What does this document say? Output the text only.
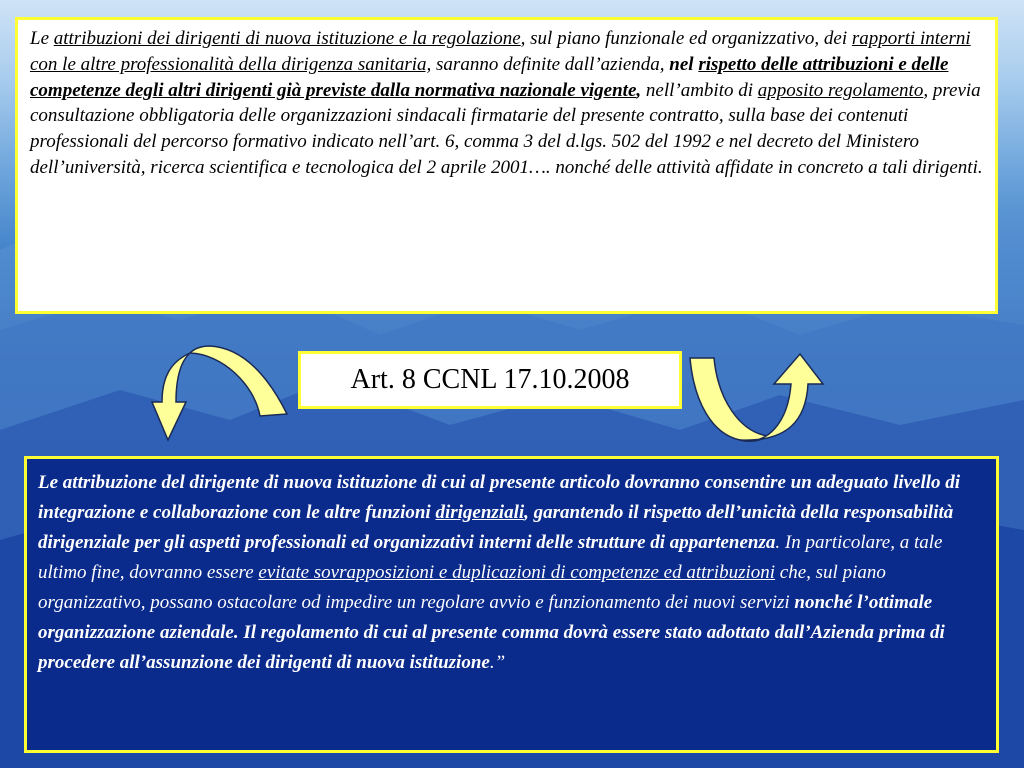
Le attribuzioni dei dirigenti di nuova istituzione e la regolazione, sul piano funzionale ed organizzativo, dei rapporti interni con le altre professionalità della dirigenza sanitaria, saranno definite dall’azienda, nel rispetto delle attribuzioni e delle competenze degli altri dirigenti già previste dalla normativa nazionale vigente, nell’ambito di apposito regolamento, previa consultazione obbligatoria delle organizzazioni sindacali firmatarie del presente contratto, sulla base dei contenuti professionali del percorso formativo indicato nell’art. 6, comma 3 del d.lgs. 502 del 1992 e nel decreto del Ministero dell’università, ricerca scientifica e tecnologica del 2 aprile 2001…. nonché delle attività affidate in concreto a tali dirigenti.
Art. 8 CCNL 17.10.2008
Le attribuzione del dirigente di nuova istituzione di cui al presente articolo dovranno consentire un adeguato livello di integrazione e collaborazione con le altre funzioni dirigenziali, garantendo il rispetto dell’unicità della responsabilità dirigenziale per gli aspetti professionali ed organizzativi interni delle strutture di appartenenza. In particolare, a tale ultimo fine, dovranno essere evitate sovrapposizioni e duplicazioni di competenze ed attribuzioni che, sul piano organizzativo, possano ostacolare od impedire un regolare avvio e funzionamento dei nuovi servizi nonché l’ottimale organizzazione aziendale. Il regolamento di cui al presente comma dovrà essere stato adottato dall’Azienda prima di procedere all’assunzione dei dirigenti di nuova istituzione.”
